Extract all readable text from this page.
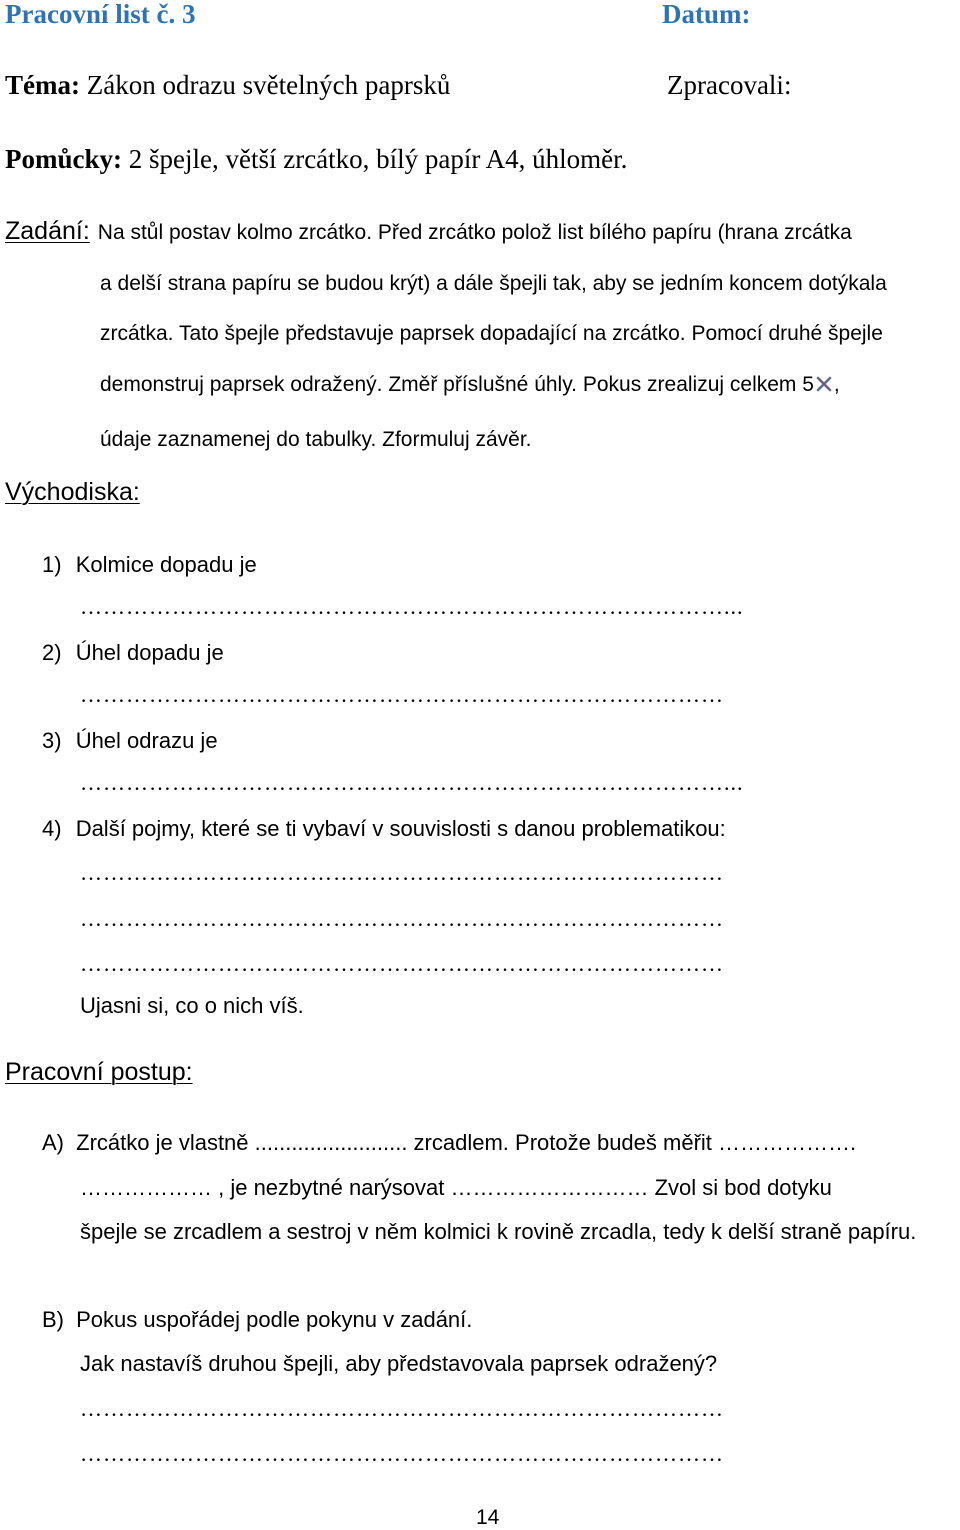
Pracovní list č. 3	Datum:
Téma: Zákon odrazu světelných paprsků	Zpracovali:
Pomůcky: 2 špejle, větší zrcátko, bílý papír A4, úhloměr.
Zadání: Na stůl postav kolmo zrcátko. Před zrcátko polož list bílého papíru (hrana zrcátka
a delší strana papíru se budou krýt) a dále špejli tak, aby se jedním koncem dotýkala
zrcátka. Tato špejle představuje paprsek dopadající na zrcátko. Pomocí druhé špejle
demonstruj paprsek odražený. Změř příslušné úhly. Pokus zrealizuj celkem 5 ,
údaje zaznamenej do tabulky. Zformuluj závěr.
Východiska:
1) Kolmice dopadu je
…………………………………………………………………………...
2) Úhel dopadu je
…………………………………………………………………………
3) Úhel odrazu je
…………………………………………………………………………...
4) Další pojmy, které se ti vybaví v souvislosti s danou problematikou:
…………………………………………………………………………
…………………………………………………………………………
…………………………………………………………………………
Ujasni si, co o nich víš.
Pracovní postup:
A) Zrcátko je vlastně ......................... zrcadlem. Protože budeš měřit ……………….
……………… , je nezbytné narýsovat ……………………… Zvol si bod dotyku
špejle se zrcadlem a sestroj v něm kolmici k rovině zrcadla, tedy k delší straně papíru.
B) Pokus uspořádej podle pokynu v zadání.
Jak nastavíš druhou špejli, aby představovala paprsek odražený?
…………………………………………………………………………
…………………………………………………………………………
14
